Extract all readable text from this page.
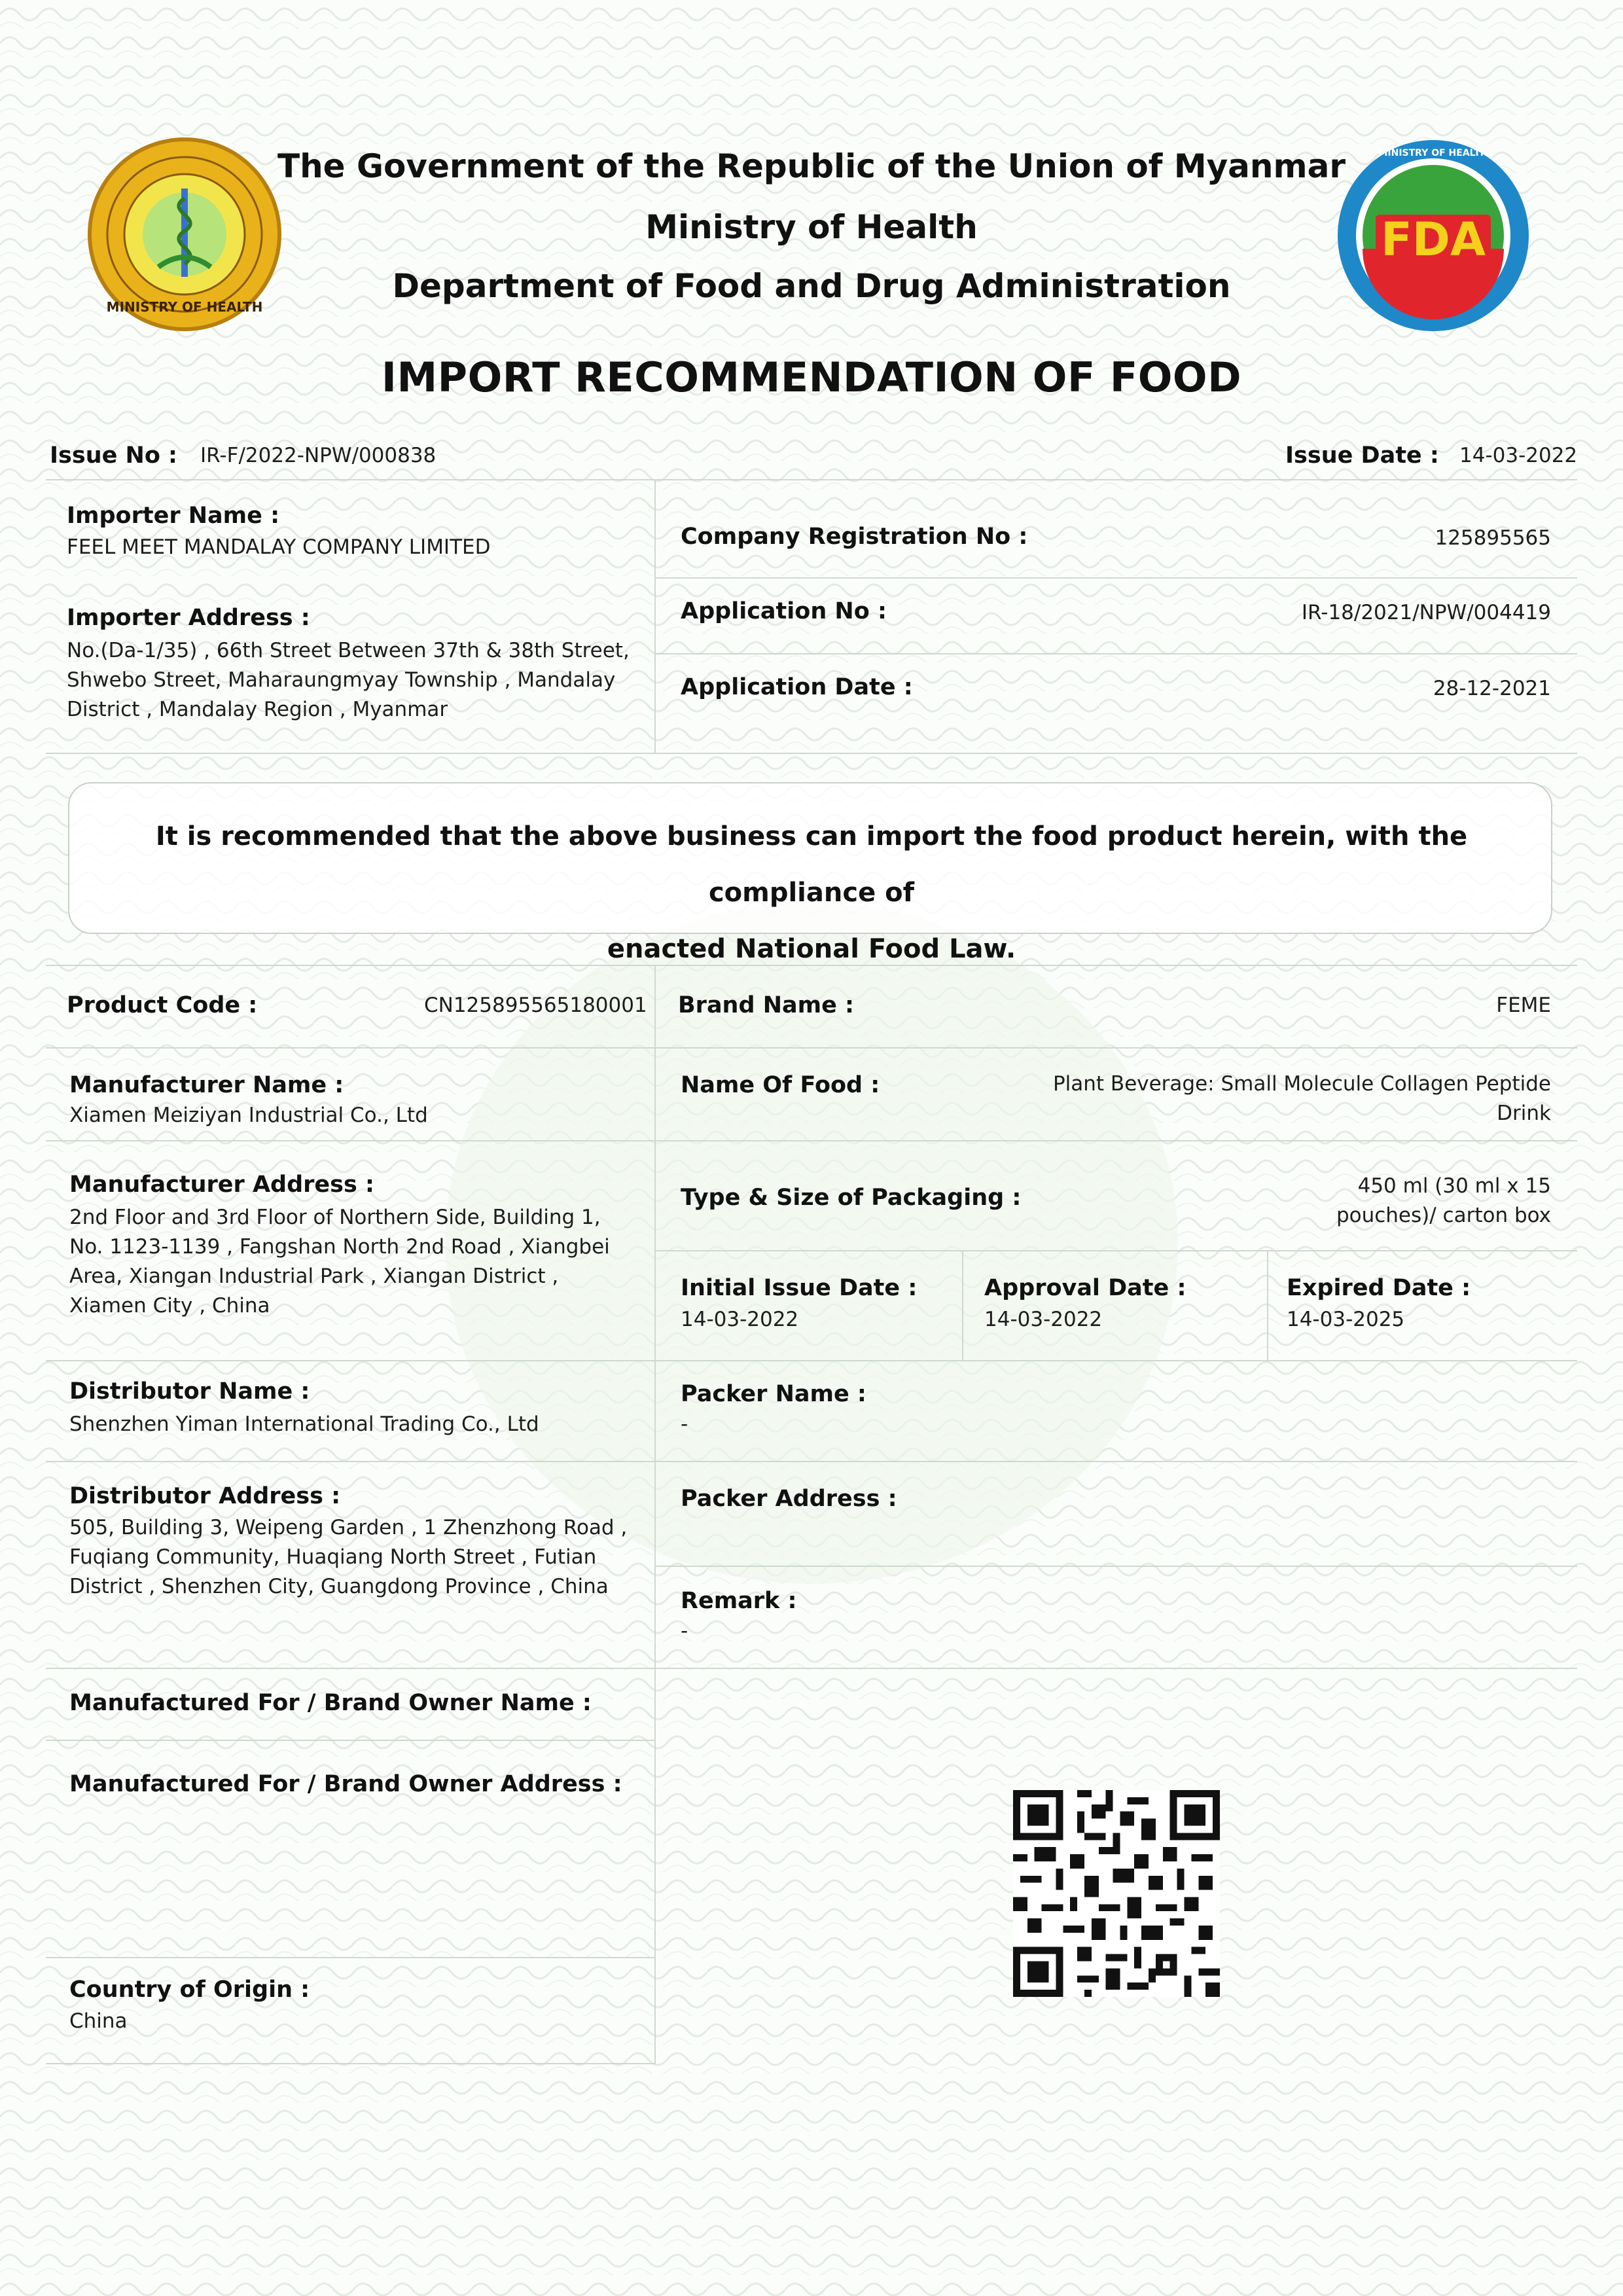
MINISTRY OF HEALTH
FDA
MINISTRY OF HEALTH
The Government of the Republic of the Union of Myanmar
Ministry of Health
Department of Food and Drug Administration
IMPORT RECOMMENDATION OF FOOD
Issue No : IR-F/2022-NPW/000838	Issue Date : 14-03-2022
Importer Name :
FEEL MEET MANDALAY COMPANY LIMITED
Importer Address :
No.(Da-1/35) , 66th Street Between 37th & 38th Street,
Shwebo Street, Maharaungmyay Township , Mandalay
District , Mandalay Region , Myanmar
Company Registration No :	125895565
Application No :	IR-18/2021/NPW/004419
Application Date :	28-12-2021
It is recommended that the above business can import the food product herein, with the compliance of
enacted National Food Law.
Product Code :	CN125895565180001 Brand Name :	FEME
Manufacturer Name :
Xiamen Meiziyan Industrial Co., Ltd
Name Of Food :	Plant Beverage: Small Molecule Collagen Peptide
Drink
Manufacturer Address :
2nd Floor and 3rd Floor of Northern Side, Building 1,
No. 1123-1139 , Fangshan North 2nd Road , Xiangbei
Area, Xiangan Industrial Park , Xiangan District ,
Xiamen City , China
Type & Size of Packaging :	450 ml (30 ml x 15
pouches)/ carton box
Initial Issue Date :
14-03-2022
Approval Date :
14-03-2022
Expired Date :
14-03-2025
Distributor Name :
Shenzhen Yiman International Trading Co., Ltd
Packer Name :
-
Distributor Address :
505, Building 3, Weipeng Garden , 1 Zhenzhong Road ,
Fuqiang Community, Huaqiang North Street , Futian
District , Shenzhen City, Guangdong Province , China
Packer Address :
Remark :
-
Manufactured For / Brand Owner Name :
Manufactured For / Brand Owner Address :
Country of Origin :
China
